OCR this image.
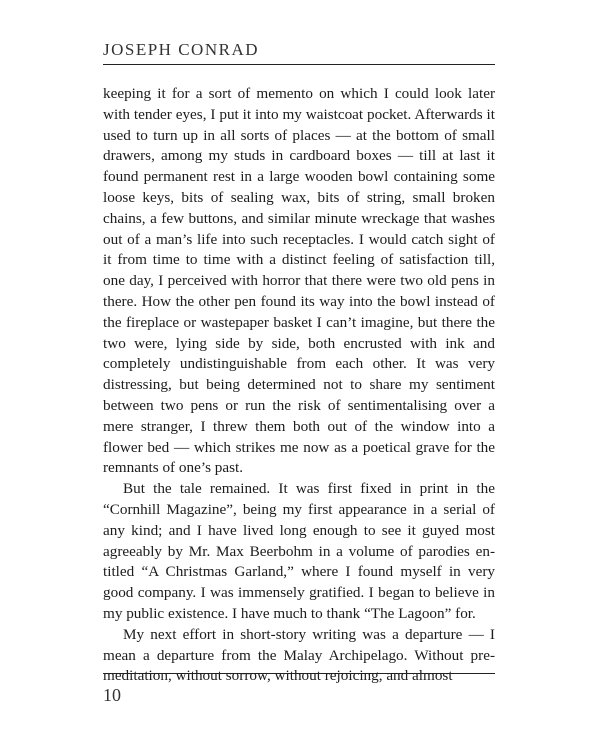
JOSEPH CONRAD

keeping it for a sort of memento on which I could look later with tender eyes, I put it into my waistcoat pocket. Afterwards it used to turn up in all sorts of places — at the bottom of small drawers, among my studs in cardboard boxes — till at last it found permanent rest in a large wooden bowl containing some loose keys, bits of sealing wax, bits of string, small broken chains, a few buttons, and similar minute wreckage that washes out of a man’s life into such receptacles. I would catch sight of it from time to time with a distinct feeling of satisfaction till, one day, I perceived with horror that there were two old pens in there. How the other pen found its way into the bowl instead of the fireplace or wastepaper basket I can’t imagine, but there the two were, lying side by side, both encrusted with ink and completely undistinguishable from each other. It was very distressing, but being determined not to share my sentiment between two pens or run the risk of sentimentalising over a mere stranger, I threw them both out of the window into a flower bed — which strikes me now as a poetical grave for the remnants of one’s past.

But the tale remained. It was first fixed in print in the “Cornhill Magazine”, being my first appearance in a serial of any kind; and I have lived long enough to see it guyed most agreeably by Mr. Max Beerbohm in a volume of parodies entitled “A Christmas Garland,” where I found myself in very good company. I was immensely gratified. I began to believe in my public existence. I have much to thank “The Lagoon” for.

My next effort in short-story writing was a departure — I mean a departure from the Malay Archipelago. Without premeditation, without sorrow, without rejoicing, and almost

10
